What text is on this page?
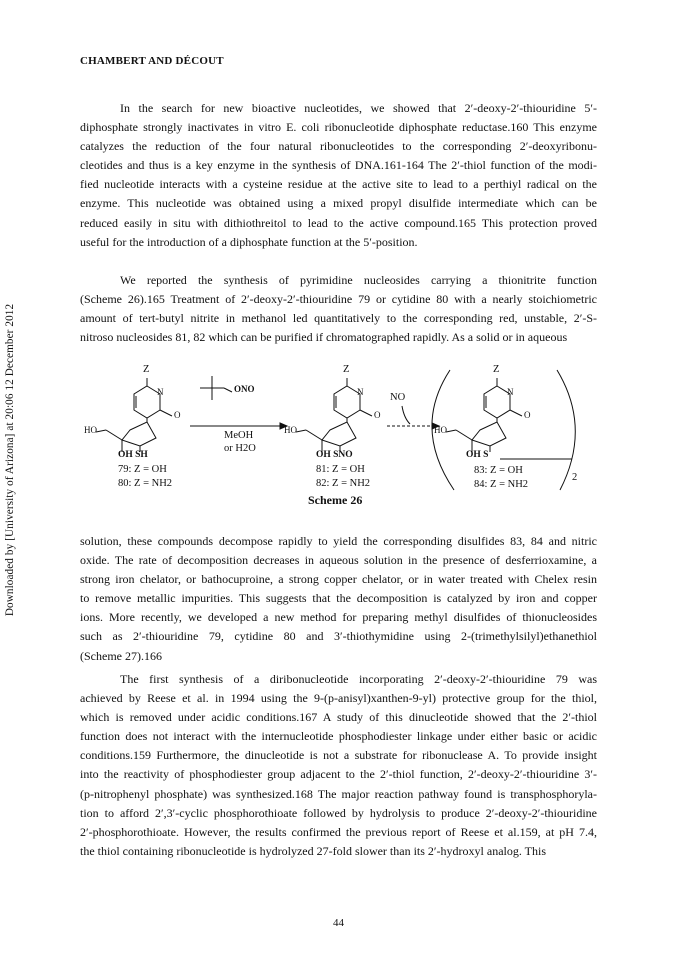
Downloaded by [University of Arizona] at 20:06 12 December 2012
CHAMBERT AND DÉCOUT
In the search for new bioactive nucleotides, we showed that 2′-deoxy-2′-thiouridine 5′-
diphosphate strongly inactivates in vitro E. coli ribonucleotide diphosphate reductase.160 This enzyme
catalyzes the reduction of the four natural ribonucleotides to the corresponding 2′-deoxyribonu-
cleotides and thus is a key enzyme in the synthesis of DNA.161-164 The 2′-thiol function of the modi-
fied nucleotide interacts with a cysteine residue at the active site to lead to a perthiyl radical on the
enzyme. This nucleotide was obtained using a mixed propyl disulfide intermediate which can be
reduced easily in situ with dithiothreitol to lead to the active compound.165 This protection proved
useful for the introduction of a diphosphate function at the 5′-position.
We reported the synthesis of pyrimidine nucleosides carrying a thionitrite function
(Scheme 26).165 Treatment of 2′-deoxy-2′-thiouridine 79 or cytidine 80 with a nearly stoichiometric
amount of tert-butyl nitrite in methanol led quantitatively to the corresponding red, unstable, 2′-S-
nitroso nucleosides 81, 82 which can be purified if chromatographed rapidly. As a solid or in aqueous
Z
N
O
HO
OH SH
79: Z = OH
80: Z = NH2
ONO
MeOH
or H2O
Z
N
O
HO
OH SNO
81: Z = OH
82: Z = NH2
Scheme 26
NO
Z
N
O
HO
OH S
83: Z = OH
84: Z = NH2
2
solution, these compounds decompose rapidly to yield the corresponding disulfides 83, 84 and nitric
oxide. The rate of decomposition decreases in aqueous solution in the presence of desferrioxamine, a
strong iron chelator, or bathocuproine, a strong copper chelator, or in water treated with Chelex resin
to remove metallic impurities. This suggests that the decomposition is catalyzed by iron and copper
ions. More recently, we developed a new method for preparing methyl disulfides of thionucleosides
such as 2′-thiouridine 79, cytidine 80 and 3′-thiothymidine using 2-(trimethylsilyl)ethanethiol
(Scheme 27).166
The first synthesis of a diribonucleotide incorporating 2′-deoxy-2′-thiouridine 79 was
achieved by Reese et al. in 1994 using the 9-(p-anisyl)xanthen-9-yl) protective group for the thiol,
which is removed under acidic conditions.167 A study of this dinucleotide showed that the 2′-thiol
function does not interact with the internucleotide phosphodiester linkage under either basic or acidic
conditions.159 Furthermore, the dinucleotide is not a substrate for ribonuclease A. To provide insight
into the reactivity of phosphodiester group adjacent to the 2′-thiol function, 2′-deoxy-2′-thiouridine 3′-
(p-nitrophenyl phosphate) was synthesized.168 The major reaction pathway found is transphosphoryla-
tion to afford 2′,3′-cyclic phosphorothioate followed by hydrolysis to produce 2′-deoxy-2′-thiouridine
2′-phosphorothioate. However, the results confirmed the previous report of Reese et al.159, at pH 7.4,
the thiol containing ribonucleotide is hydrolyzed 27-fold slower than its 2′-hydroxyl analog. This
44
